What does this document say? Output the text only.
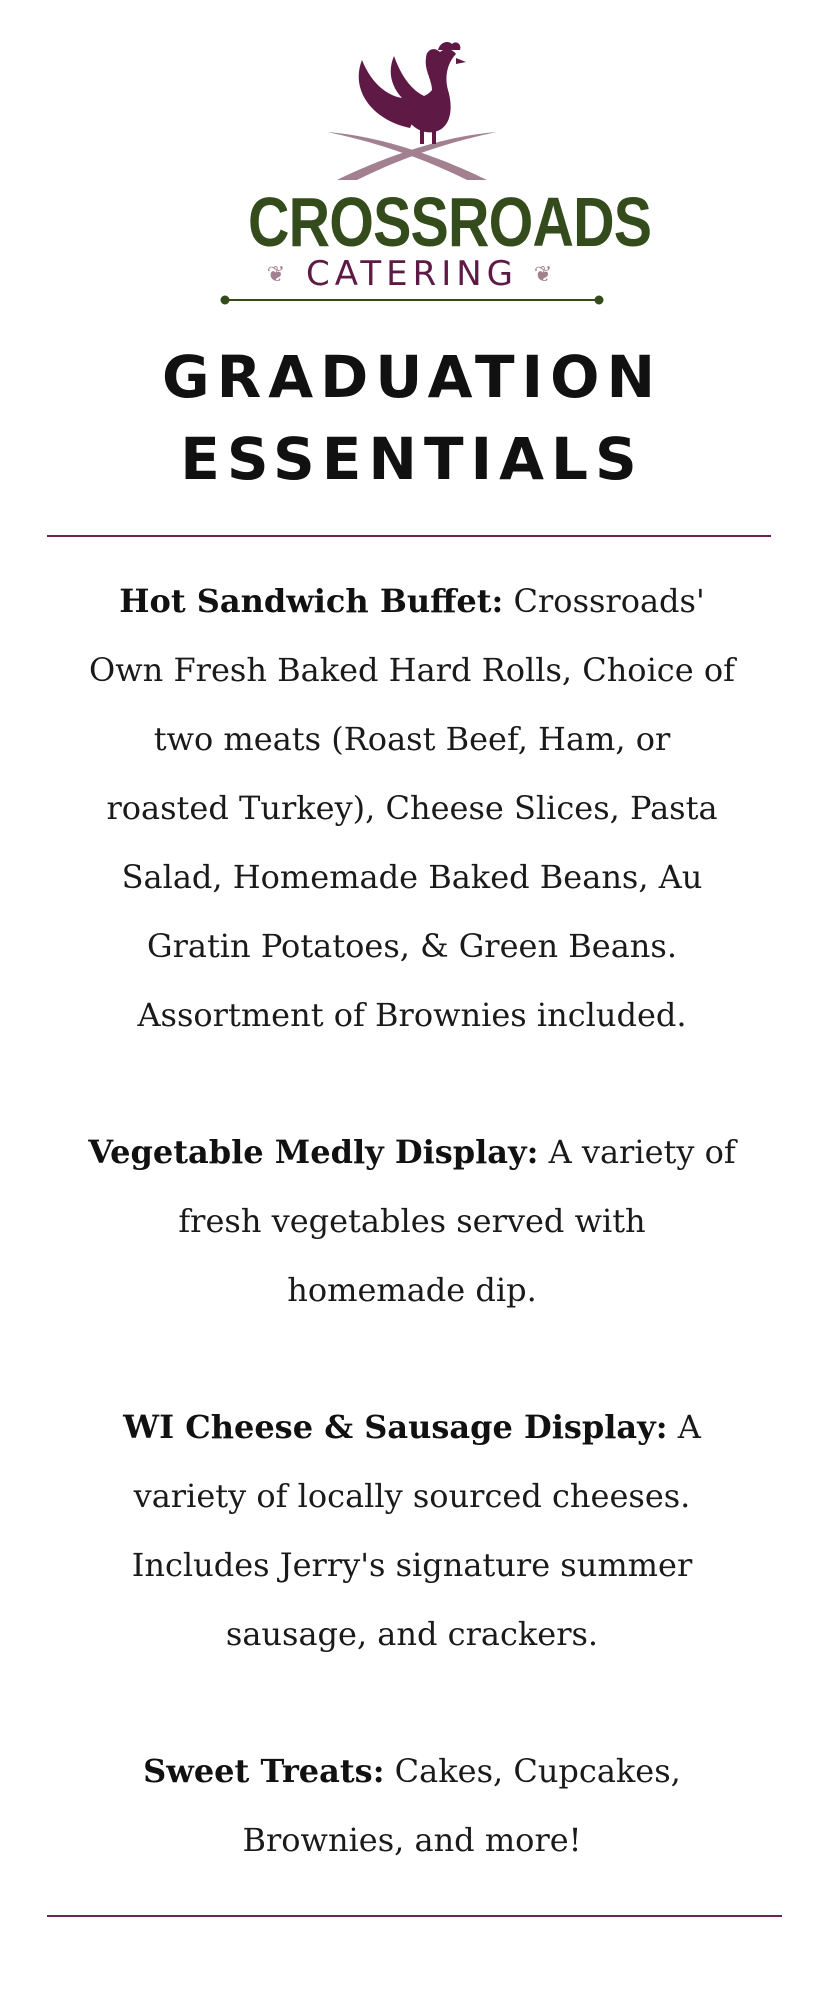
CROSSROADS
❦ CATERING ❦
GRADUATION
ESSENTIALS

Hot Sandwich Buffet: Crossroads' Own Fresh Baked Hard Rolls, Choice of two meats (Roast Beef, Ham, or roasted Turkey), Cheese Slices, Pasta Salad, Homemade Baked Beans, Au Gratin Potatoes, & Green Beans. Assortment of Brownies included.

Vegetable Medly Display: A variety of fresh vegetables served with homemade dip.

WI Cheese & Sausage Display: A variety of locally sourced cheeses. Includes Jerry's signature summer sausage, and crackers.

Sweet Treats: Cakes, Cupcakes, Brownies, and more!
